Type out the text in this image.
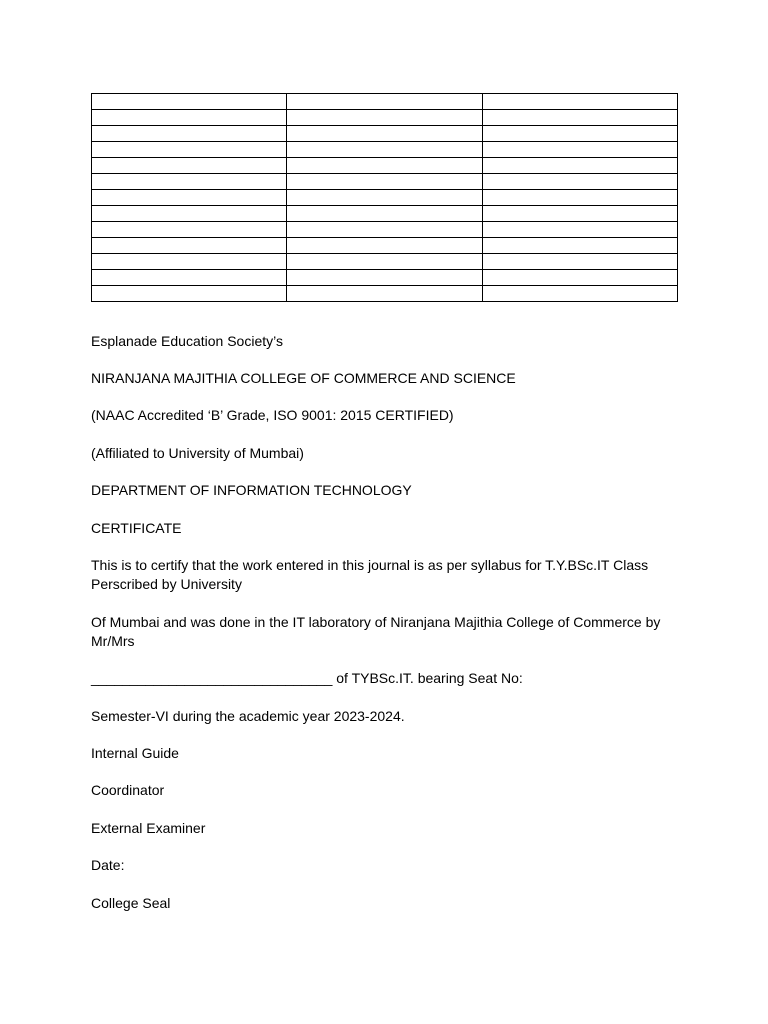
Esplanade Education Society’s
NIRANJANA MAJITHIA COLLEGE OF COMMERCE AND SCIENCE
(NAAC Accredited ‘B’ Grade, ISO 9001: 2015 CERTIFIED)
(Affiliated to University of Mumbai)
DEPARTMENT OF INFORMATION TECHNOLOGY
CERTIFICATE
This is to certify that the work entered in this journal is as per syllabus for T.Y.BSc.IT Class Perscribed by University
Of Mumbai and was done in the IT laboratory of Niranjana Majithia College of Commerce by Mr/Mrs
_______________________________ of TYBSc.IT. bearing Seat No:
Semester-VI during the academic year 2023-2024.
Internal Guide
Coordinator
External Examiner
Date:
College Seal
